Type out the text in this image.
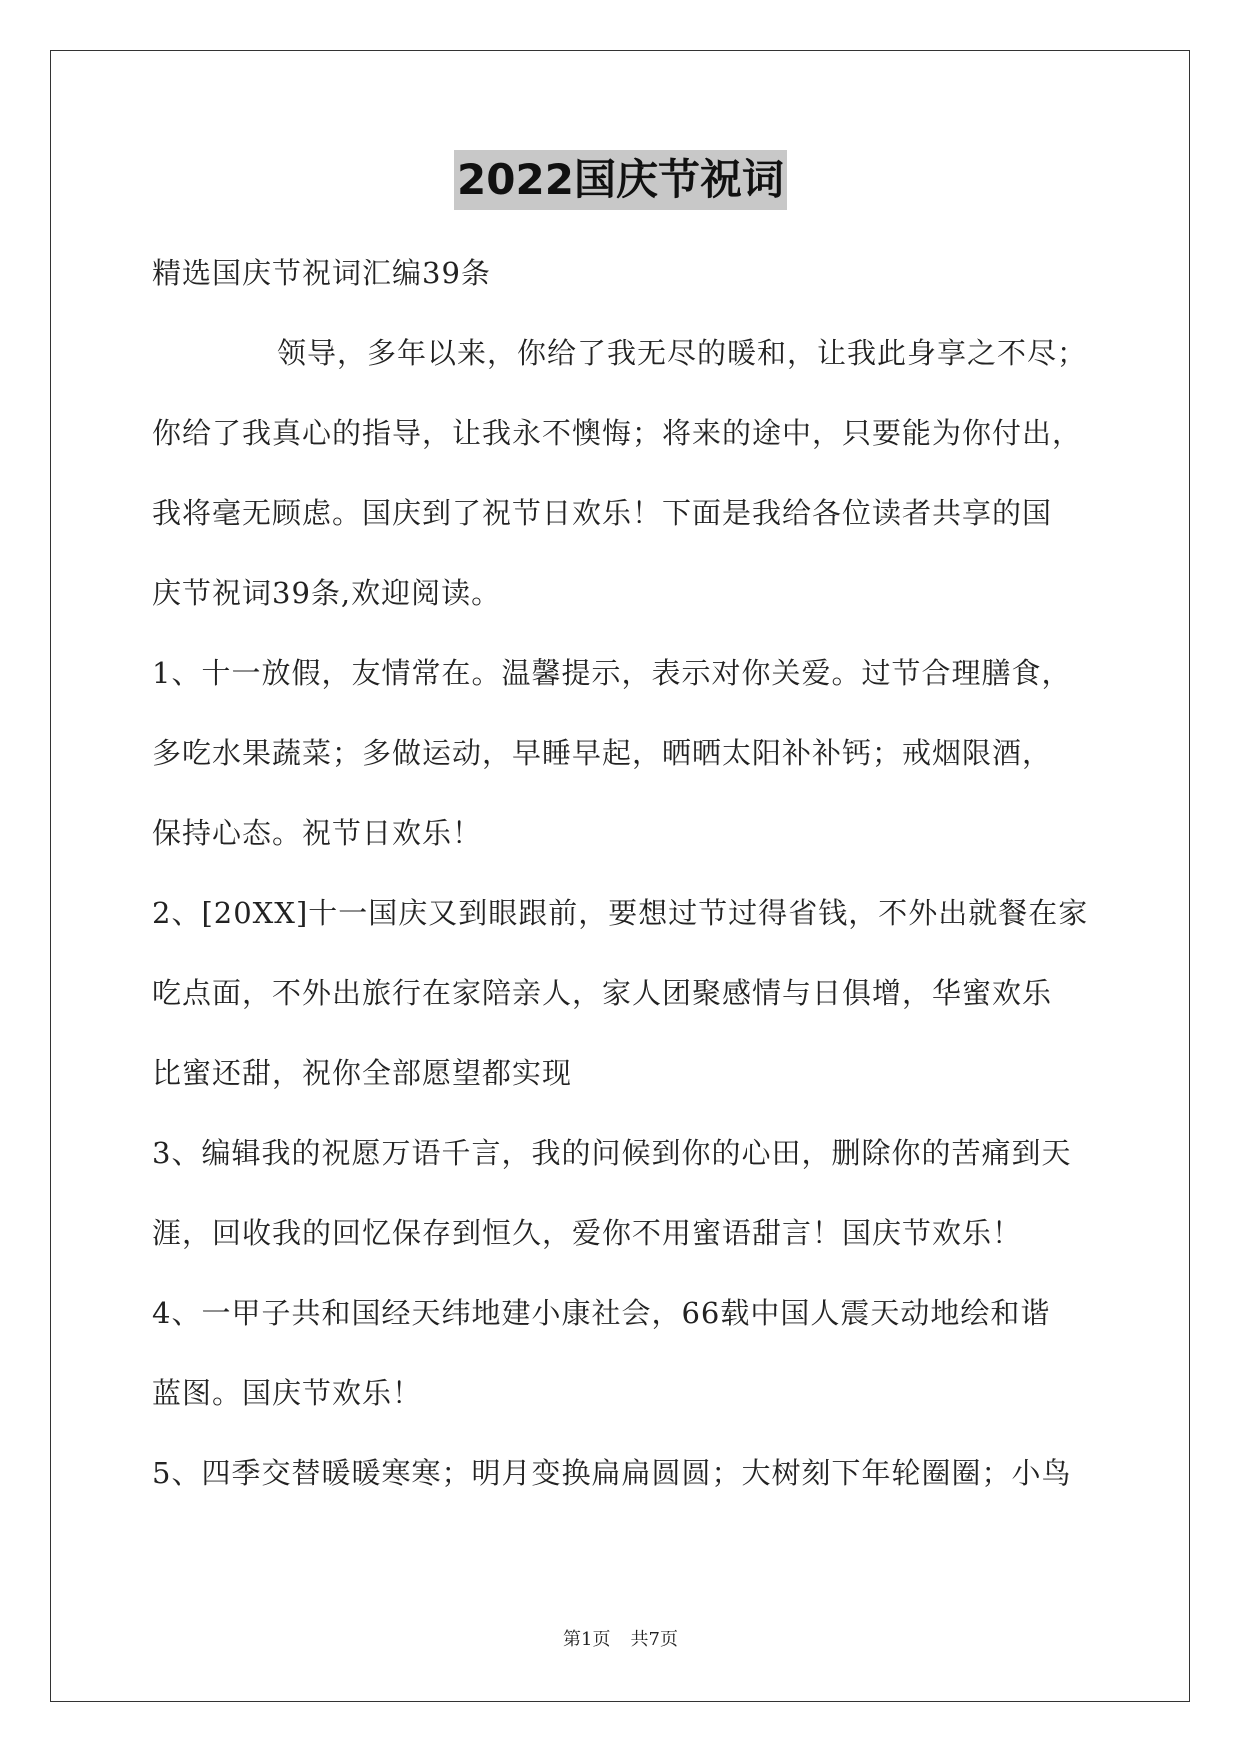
2022国庆节祝词

精选国庆节祝词汇编39条

领导，多年以来，你给了我无尽的暖和，让我此身享之不尽；

你给了我真心的指导，让我永不懊悔；将来的途中，只要能为你付出，

我将毫无顾虑。国庆到了祝节日欢乐！下面是我给各位读者共享的国

庆节祝词39条,欢迎阅读。

1、十一放假，友情常在。温馨提示，表示对你关爱。过节合理膳食，

多吃水果蔬菜；多做运动，早睡早起，晒晒太阳补补钙；戒烟限酒，

保持心态。祝节日欢乐！

2、[20XX]十一国庆又到眼跟前，要想过节过得省钱，不外出就餐在家

吃点面，不外出旅行在家陪亲人，家人团聚感情与日俱增，华蜜欢乐

比蜜还甜，祝你全部愿望都实现

3、编辑我的祝愿万语千言，我的问候到你的心田，删除你的苦痛到天

涯，回收我的回忆保存到恒久，爱你不用蜜语甜言！国庆节欢乐！

4、一甲子共和国经天纬地建小康社会，66载中国人震天动地绘和谐

蓝图。国庆节欢乐！

5、四季交替暖暖寒寒；明月变换扁扁圆圆；大树刻下年轮圈圈；小鸟

第1页 共7页
